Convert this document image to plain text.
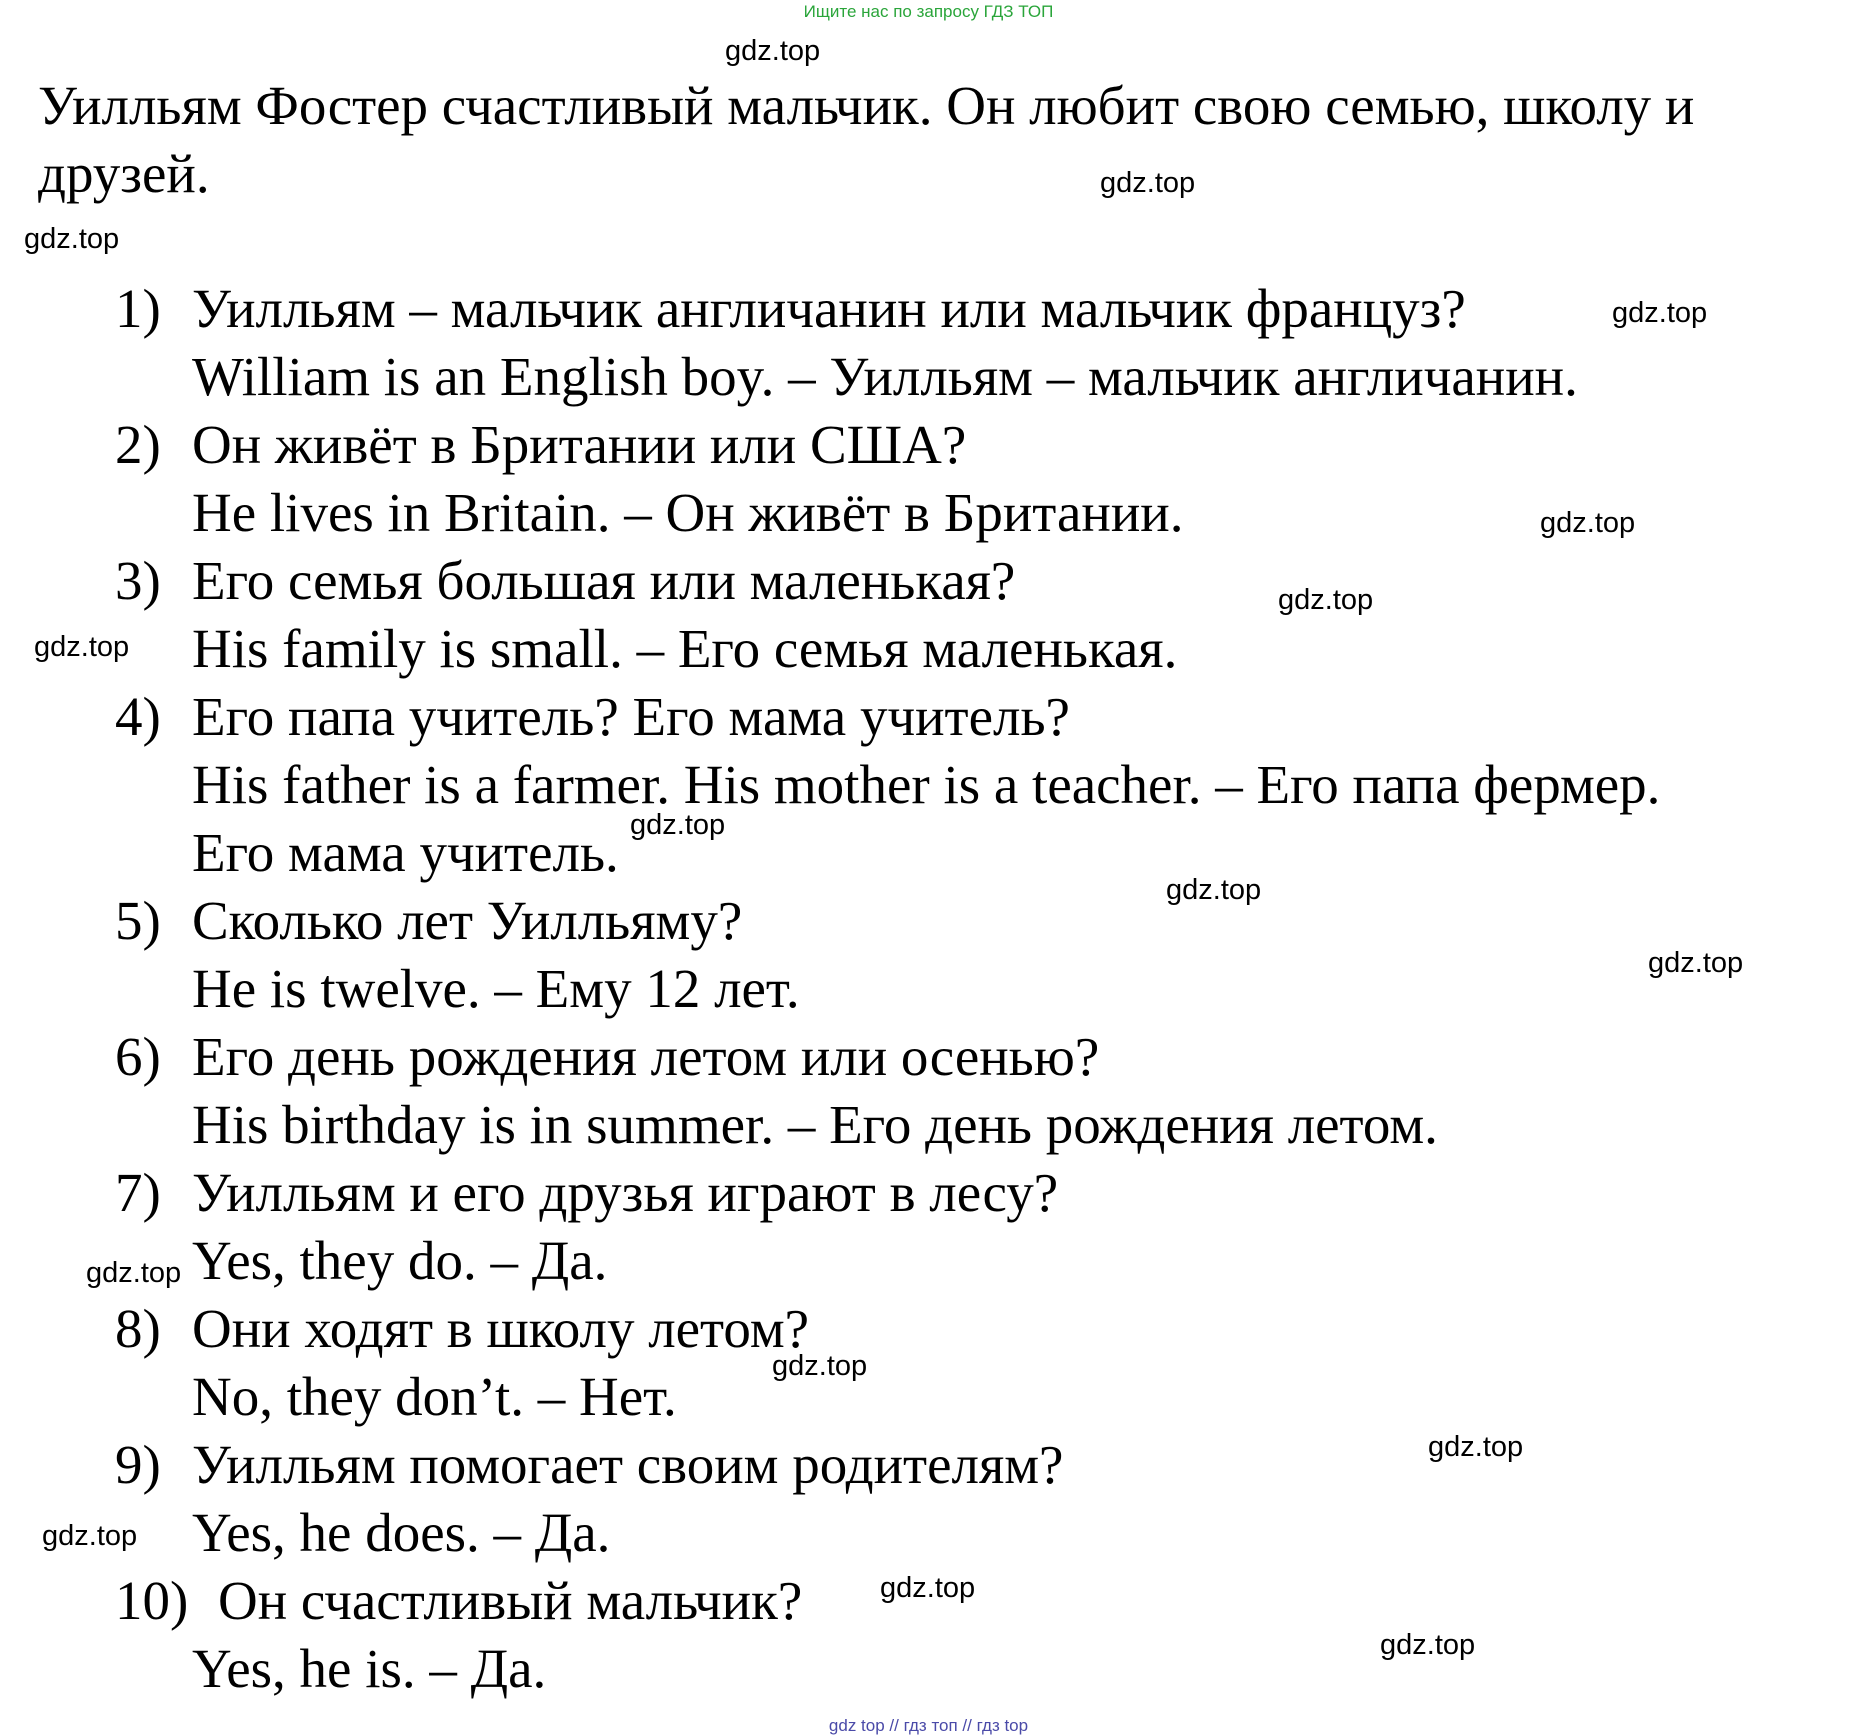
Ищите нас по запросу ГДЗ ТОП

Уилльям Фостер счастливый мальчик. Он любит свою семью, школу и друзей.

1) Уилльям – мальчик англичанин или мальчик француз?
William is an English boy. – Уилльям – мальчик англичанин.
2) Он живёт в Британии или США?
He lives in Britain. – Он живёт в Британии.
3) Его семья большая или маленькая?
His family is small. – Его семья маленькая.
4) Его папа учитель? Его мама учитель?
His father is a farmer. His mother is a teacher. – Его папа фермер.
Его мама учитель.
5) Сколько лет Уилльяму?
He is twelve. – Ему 12 лет.
6) Его день рождения летом или осенью?
His birthday is in summer. – Его день рождения летом.
7) Уилльям и его друзья играют в лесу?
Yes, they do. – Да.
8) Они ходят в школу летом?
No, they don’t. – Нет.
9) Уилльям помогает своим родителям?
Yes, he does. – Да.
10) Он счастливый мальчик?
Yes, he is. – Да.
gdz.top
gdz.top
gdz.top
gdz.top
gdz.top
gdz.top
gdz.top
gdz.top
gdz.top
gdz.top
gdz.top
gdz.top
gdz.top
gdz.top
gdz.top
gdz.top
gdz top // гдз топ // гдз top
